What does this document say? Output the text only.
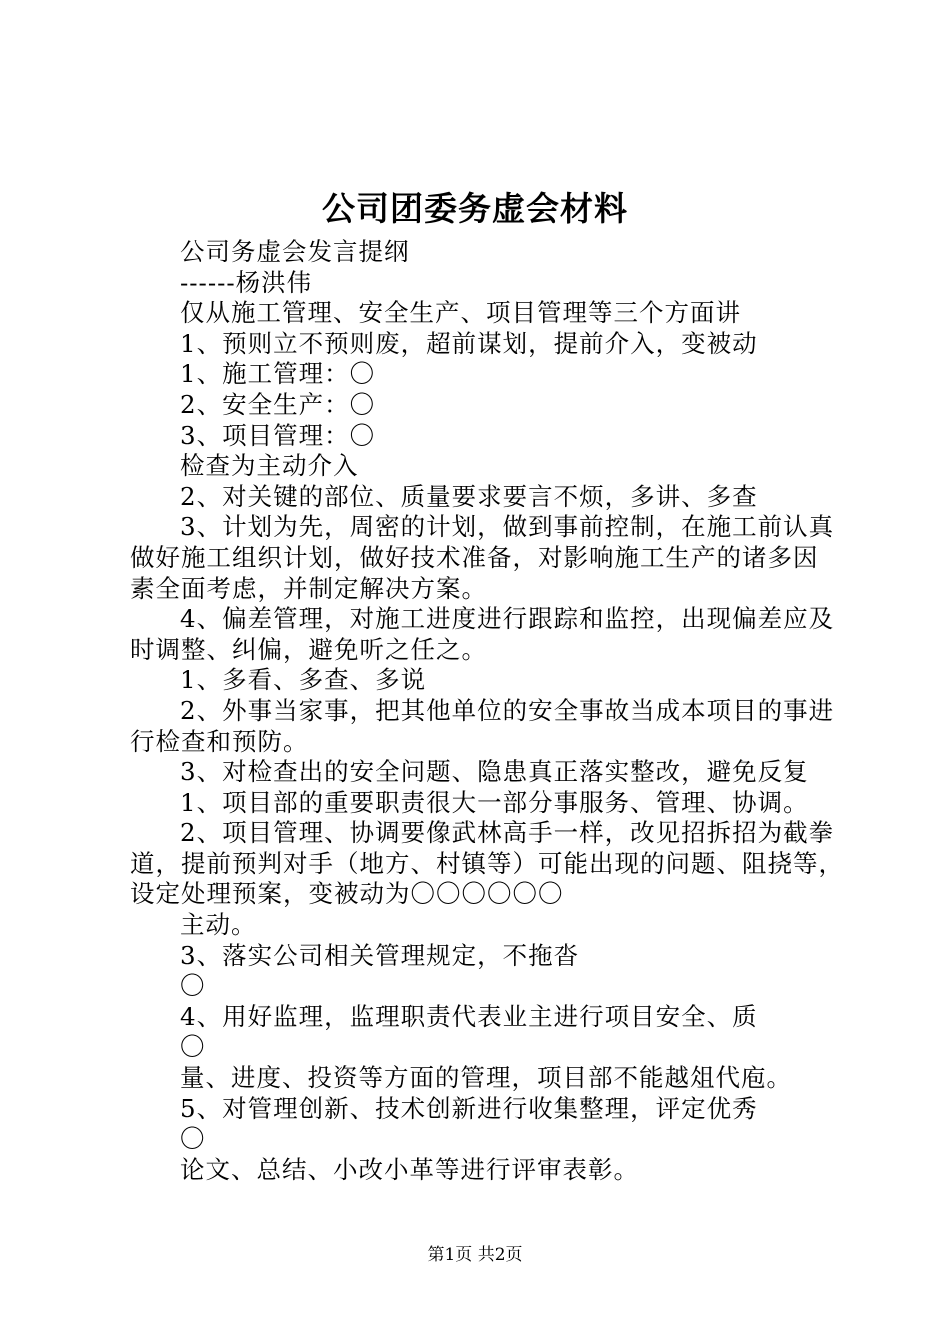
公司团委务虚会材料
公司务虚会发言提纲
------杨洪伟
仅从施工管理、安全生产、项目管理等三个方面讲
1、预则立不预则废，超前谋划，提前介入，变被动
1、施工管理：〇
2、安全生产：〇
3、项目管理：〇
检查为主动介入
2、对关键的部位、质量要求要言不烦，多讲、多查
3、计划为先，周密的计划，做到事前控制，在施工前认真
做好施工组织计划，做好技术准备，对影响施工生产的诸多因
素全面考虑，并制定解决方案。
4、偏差管理，对施工进度进行跟踪和监控，出现偏差应及
时调整、纠偏，避免听之任之。
1、多看、多查、多说
2、外事当家事，把其他单位的安全事故当成本项目的事进
行检查和预防。
3、对检查出的安全问题、隐患真正落实整改，避免反复
1、项目部的重要职责很大一部分事服务、管理、协调。
2、项目管理、协调要像武林高手一样，改见招拆招为截拳
道，提前预判对手（地方、村镇等）可能出现的问题、阻挠等，
设定处理预案，变被动为〇〇〇〇〇〇
主动。
3、落实公司相关管理规定，不拖沓
〇
4、用好监理，监理职责代表业主进行项目安全、质
〇
量、进度、投资等方面的管理，项目部不能越俎代庖。
5、对管理创新、技术创新进行收集整理，评定优秀
〇
论文、总结、小改小革等进行评审表彰。
第1页 共2页
